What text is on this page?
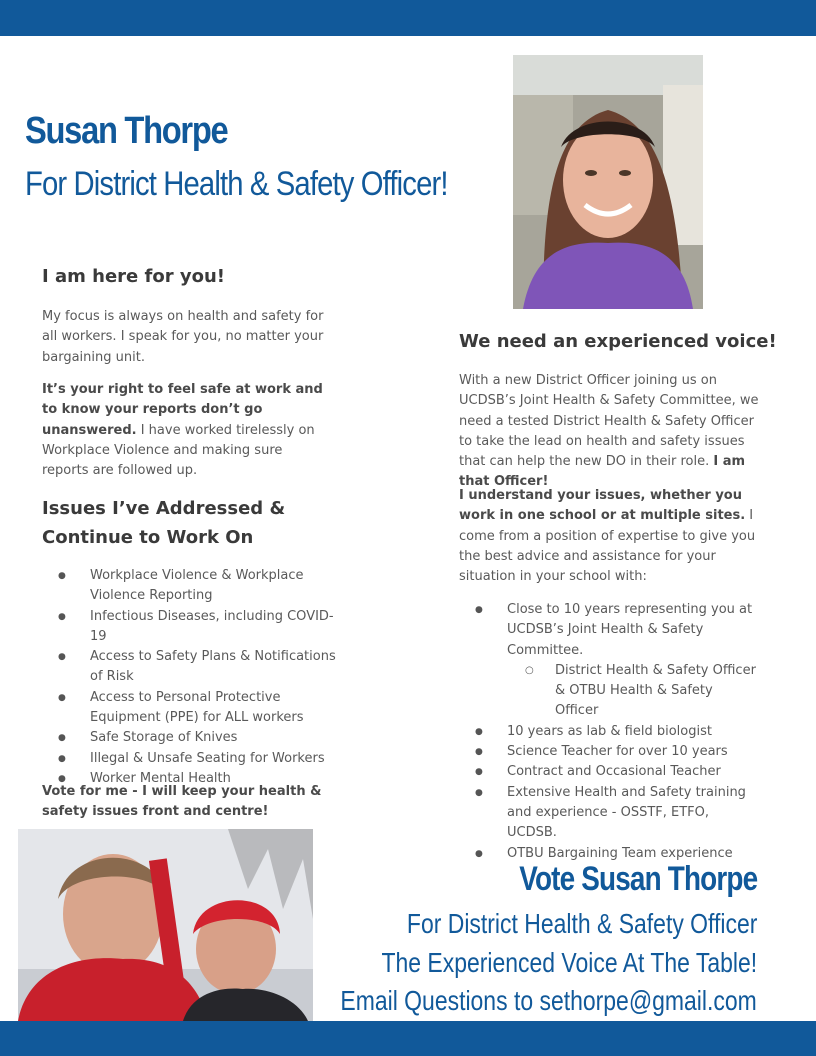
Susan Thorpe
For District Health & Safety Officer!
I am here for you!

My focus is always on health and safety for all workers. I speak for you, no matter your bargaining unit.

It’s your right to feel safe at work and to know your reports don’t go unanswered. I have worked tirelessly on Workplace Violence and making sure reports are followed up.

Issues I’ve Addressed & Continue to Work On
● Workplace Violence & Workplace Violence Reporting
● Infectious Diseases, including COVID-19
● Access to Safety Plans & Notifications of Risk
● Access to Personal Protective Equipment (PPE) for ALL workers
● Safe Storage of Knives
● Illegal & Unsafe Seating for Workers
● Worker Mental Health

Vote for me - I will keep your health & safety issues front and centre!

We need an experienced voice!

With a new District Officer joining us on UCDSB’s Joint Health & Safety Committee, we need a tested District Health & Safety Officer to take the lead on health and safety issues that can help the new DO in their role. I am that Officer!

I understand your issues, whether you work in one school or at multiple sites. I come from a position of expertise to give you the best advice and assistance for your situation in your school with:

● Close to 10 years representing you at UCDSB’s Joint Health & Safety Committee.
○ District Health & Safety Officer & OTBU Health & Safety Officer
● 10 years as lab & field biologist
● Science Teacher for over 10 years
● Contract and Occasional Teacher
● Extensive Health and Safety training and experience - OSSTF, ETFO, UCDSB.
● OTBU Bargaining Team experience
Vote Susan Thorpe
For District Health & Safety Officer
The Experienced Voice At The Table!
Email Questions to sethorpe@gmail.com
